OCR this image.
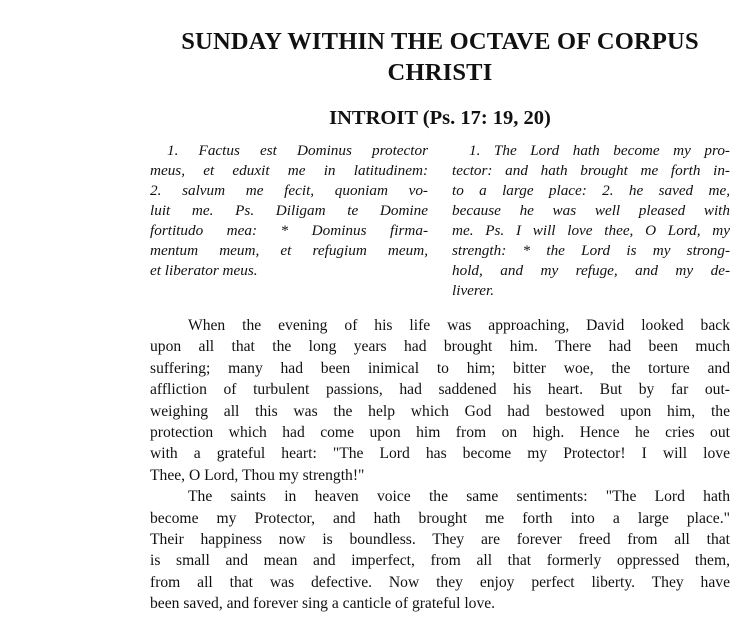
SUNDAY WITHIN THE OCTAVE OF CORPUS
CHRISTI
INTROIT (Ps. 17: 19, 20)
1. Factus est Dominus protector
meus, et eduxit me in latitudinem:
2. salvum me fecit, quoniam vo-
luit me. Ps. Diligam te Domine
fortitudo mea: * Dominus firma-
mentum meum, et refugium meum,
et liberator meus.
1. The Lord hath become my pro-
tector: and hath brought me forth in-
to a large place: 2. he saved me,
because he was well pleased with
me. Ps. I will love thee, O Lord, my
strength: * the Lord is my strong-
hold, and my refuge, and my de-
liverer.
When the evening of his life was approaching, David looked back
upon all that the long years had brought him. There had been much
suffering; many had been inimical to him; bitter woe, the torture and
affliction of turbulent passions, had saddened his heart. But by far out-
weighing all this was the help which God had bestowed upon him, the
protection which had come upon him from on high. Hence he cries out
with a grateful heart: "The Lord has become my Protector! I will love
Thee, O Lord, Thou my strength!"
The saints in heaven voice the same sentiments: "The Lord hath
become my Protector, and hath brought me forth into a large place."
Their happiness now is boundless. They are forever freed from all that
is small and mean and imperfect, from all that formerly oppressed them,
from all that was defective. Now they enjoy perfect liberty. They have
been saved, and forever sing a canticle of grateful love.
